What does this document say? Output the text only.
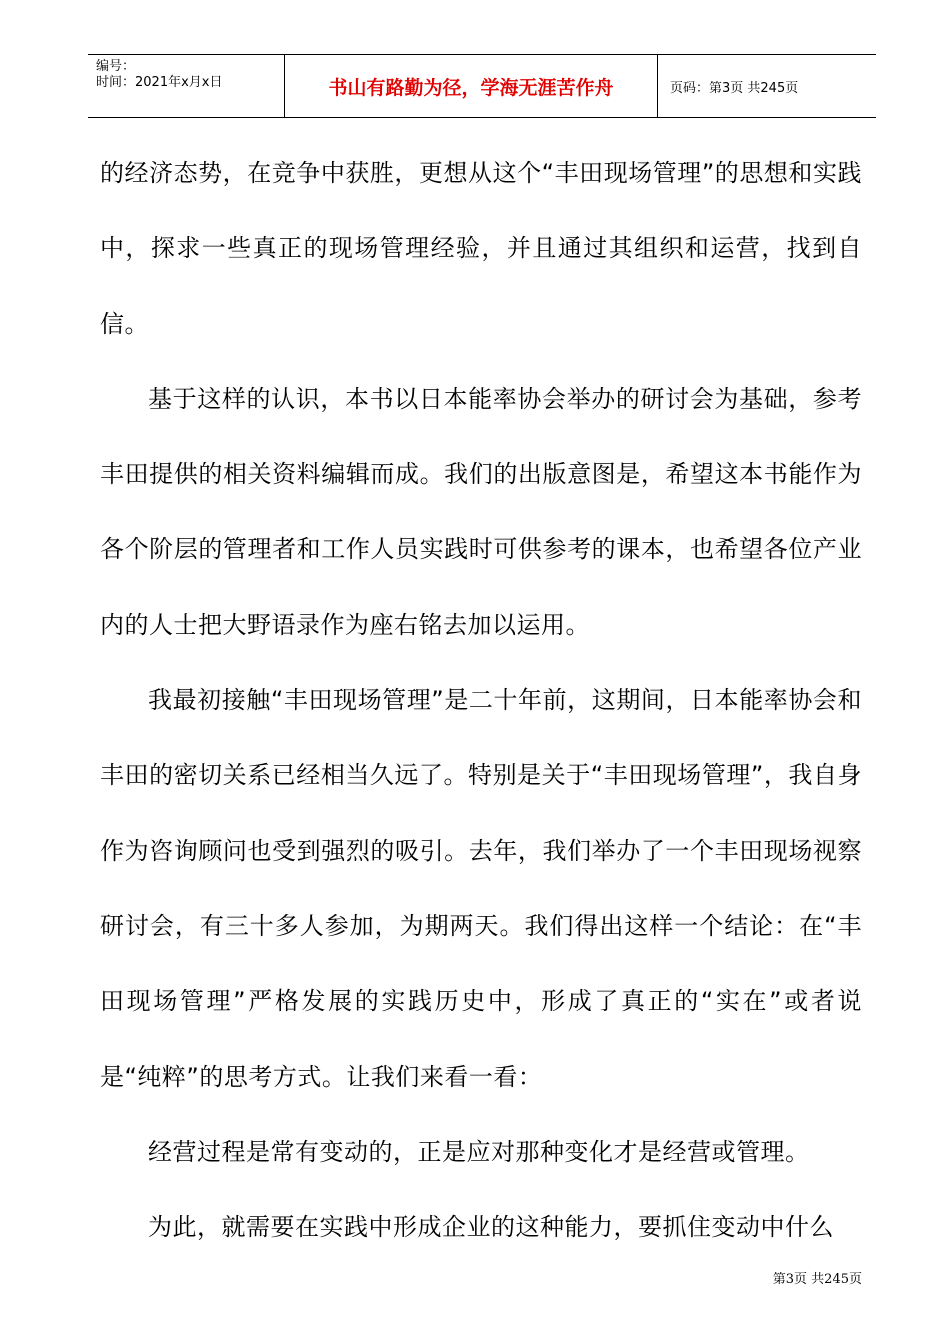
编号：
时间：2021年x月x日	书山有路勤为径，学海无涯苦作舟	页码：第3页 共245页

的经济态势，在竞争中获胜，更想从这个“丰田现场管理”的思想和实践中，探求一些真正的现场管理经验，并且通过其组织和运营，找到自信。

基于这样的认识，本书以日本能率协会举办的研讨会为基础，参考丰田提供的相关资料编辑而成。我们的出版意图是，希望这本书能作为各个阶层的管理者和工作人员实践时可供参考的课本，也希望各位产业内的人士把大野语录作为座右铭去加以运用。

我最初接触“丰田现场管理”是二十年前，这期间，日本能率协会和丰田的密切关系已经相当久远了。特别是关于“丰田现场管理”，我自身作为咨询顾问也受到强烈的吸引。去年，我们举办了一个丰田现场视察研讨会，有三十多人参加，为期两天。我们得出这样一个结论：在“丰田现场管理”严格发展的实践历史中，形成了真正的“实在”或者说是“纯粹”的思考方式。让我们来看一看：

经营过程是常有变动的，正是应对那种变化才是经营或管理。

为此，就需要在实践中形成企业的这种能力，要抓住变动中什么

第3页 共245页
